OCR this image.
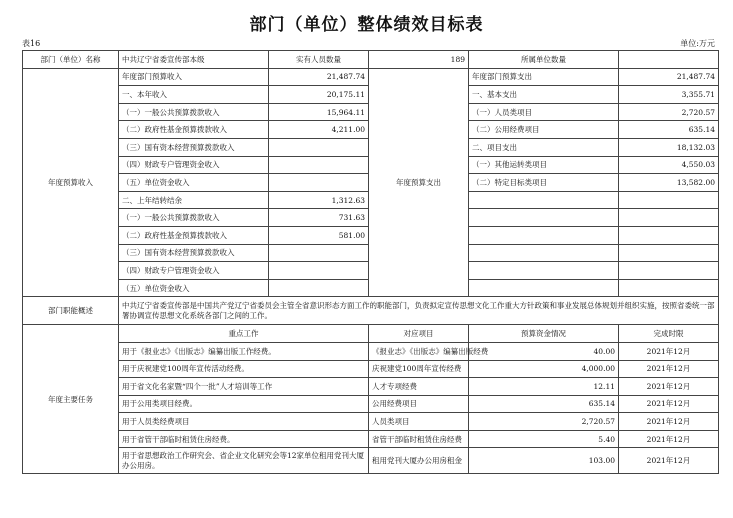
部门（单位）整体绩效目标表
表16	单位:万元
部门（单位）名称	中共辽宁省委宣传部本级	实有人员数量	189	所属单位数量	
年度预算收入	年度部门预算收入	21,487.74	年度预算支出	年度部门预算支出	21,487.74
	一、本年收入	20,175.11		一、基本支出	3,355.71
	（一）一般公共预算拨款收入	15,964.11		（一）人员类项目	2,720.57
	（二）政府性基金预算拨款收入	4,211.00		（二）公用经费项目	635.14
	（三）国有资本经营预算拨款收入			二、项目支出	18,132.03
	（四）财政专户管理资金收入			（一）其他运转类项目	4,550.03
	（五）单位资金收入			（二）特定目标类项目	13,582.00
	二、上年结转结余	1,312.63			
	（一）一般公共预算拨款收入	731.63			
	（二）政府性基金预算拨款收入	581.00			
	（三）国有资本经营预算拨款收入				
	（四）财政专户管理资金收入				
	（五）单位资金收入				
部门职能概述	中共辽宁省委宣传部是中国共产党辽宁省委员会主管全省意识形态方面工作的职能部门，负责拟定宣传思想文化工作重大方针政策和事业发展总体规划并组织实施，按照省委统一部署协调宣传思想文化系统各部门之间的工作。				
年度主要任务	重点工作		对应项目	预算资金情况	完成时限
	用于《报业志》《出版志》编纂出版工作经费。		《报业志》《出版志》编纂出版经费	40.00	2021年12月
	用于庆祝建党100周年宣传活动经费。		庆祝建党100周年宣传经费	4,000.00	2021年12月
	用于省文化名家暨“四个一批”人才培训等工作		人才专项经费	12.11	2021年12月
	用于公用类项目经费。		公用经费项目	635.14	2021年12月
	用于人员类经费项目		人员类项目	2,720.57	2021年12月
	用于省管干部临时租赁住房经费。		省管干部临时租赁住房经费	5.40	2021年12月
	用于省思想政治工作研究会、省企业文化研究会等12家单位租用党刊大厦办公用房。		租用党刊大厦办公用房租金	103.00	2021年12月
